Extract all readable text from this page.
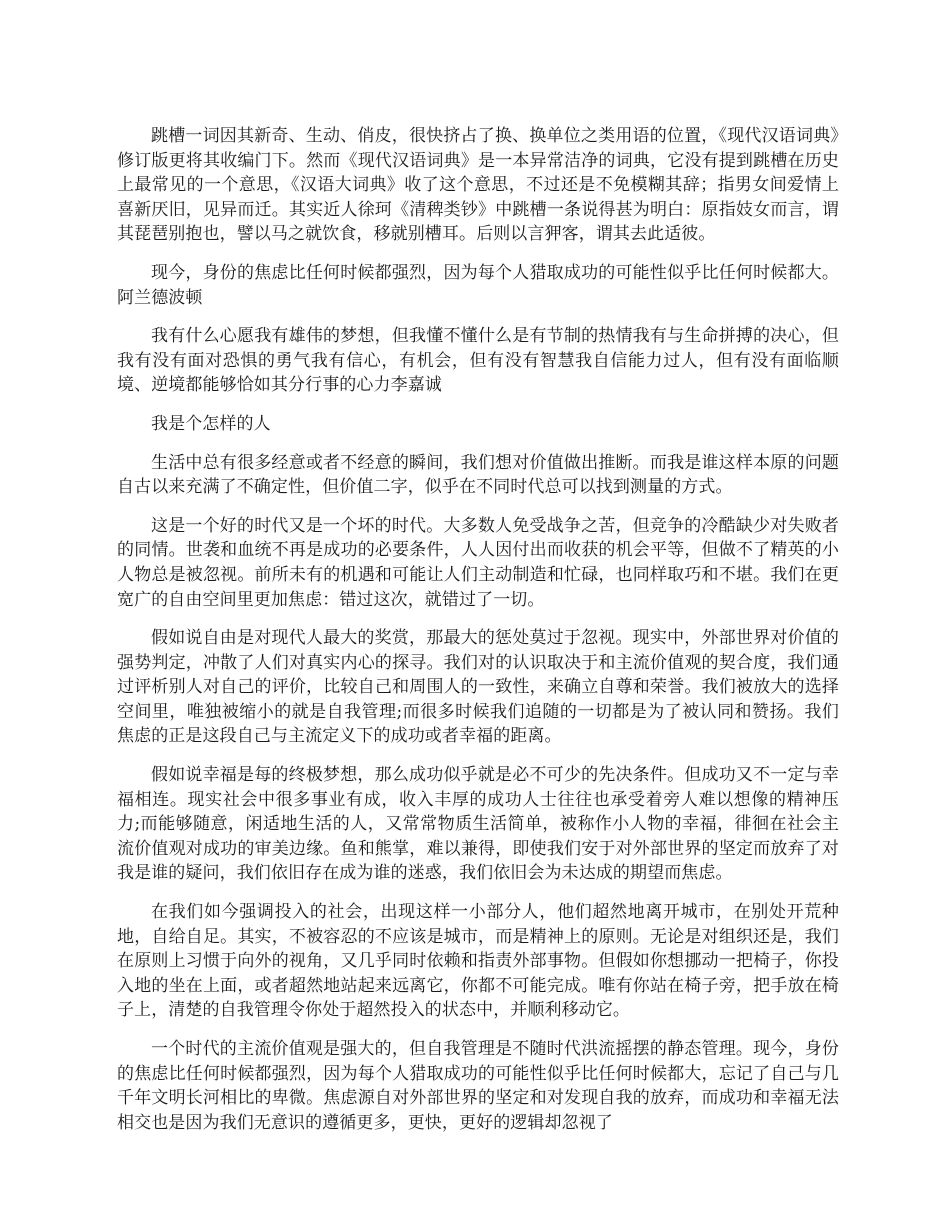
跳槽一词因其新奇、生动、俏皮，很快挤占了换、换单位之类用语的位置，《现代汉语词典》修订版更将其收编门下。然而《现代汉语词典》是一本异常洁净的词典，它没有提到跳槽在历史上最常见的一个意思，《汉语大词典》收了这个意思，不过还是不免模糊其辞；指男女间爱情上喜新厌旧，见异而迁。其实近人徐珂《清稗类钞》中跳槽一条说得甚为明白：原指妓女而言，谓其琵琶别抱也，譬以马之就饮食，移就别槽耳。后则以言狎客，谓其去此适彼。

现今，身份的焦虑比任何时候都强烈，因为每个人猎取成功的可能性似乎比任何时候都大。阿兰德波顿

我有什么心愿我有雄伟的梦想，但我懂不懂什么是有节制的热情我有与生命拼搏的决心，但我有没有面对恐惧的勇气我有信心，有机会，但有没有智慧我自信能力过人，但有没有面临顺境、逆境都能够恰如其分行事的心力李嘉诚

我是个怎样的人

生活中总有很多经意或者不经意的瞬间，我们想对价值做出推断。而我是谁这样本原的问题自古以来充满了不确定性，但价值二字，似乎在不同时代总可以找到测量的方式。

这是一个好的时代又是一个坏的时代。大多数人免受战争之苦，但竞争的冷酷缺少对失败者的同情。世袭和血统不再是成功的必要条件，人人因付出而收获的机会平等，但做不了精英的小人物总是被忽视。前所未有的机遇和可能让人们主动制造和忙碌，也同样取巧和不堪。我们在更宽广的自由空间里更加焦虑：错过这次，就错过了一切。

假如说自由是对现代人最大的奖赏，那最大的惩处莫过于忽视。现实中，外部世界对价值的强势判定，冲散了人们对真实内心的探寻。我们对的认识取决于和主流价值观的契合度，我们通过评析别人对自己的评价，比较自己和周围人的一致性，来确立自尊和荣誉。我们被放大的选择空间里，唯独被缩小的就是自我管理;而很多时候我们追随的一切都是为了被认同和赞扬。我们焦虑的正是这段自己与主流定义下的成功或者幸福的距离。

假如说幸福是每的终极梦想，那么成功似乎就是必不可少的先决条件。但成功又不一定与幸福相连。现实社会中很多事业有成，收入丰厚的成功人士往往也承受着旁人难以想像的精神压力;而能够随意，闲适地生活的人，又常常物质生活简单，被称作小人物的幸福，徘徊在社会主流价值观对成功的审美边缘。鱼和熊掌，难以兼得，即使我们安于对外部世界的坚定而放弃了对我是谁的疑问，我们依旧存在成为谁的迷惑，我们依旧会为未达成的期望而焦虑。

在我们如今强调投入的社会，出现这样一小部分人，他们超然地离开城市，在别处开荒种地，自给自足。其实，不被容忍的不应该是城市，而是精神上的原则。无论是对组织还是，我们在原则上习惯于向外的视角，又几乎同时依赖和指责外部事物。但假如你想挪动一把椅子，你投入地的坐在上面，或者超然地站起来远离它，你都不可能完成。唯有你站在椅子旁，把手放在椅子上，清楚的自我管理令你处于超然投入的状态中，并顺利移动它。

一个时代的主流价值观是强大的，但自我管理是不随时代洪流摇摆的静态管理。现今，身份的焦虑比任何时候都强烈，因为每个人猎取成功的可能性似乎比任何时候都大，忘记了自己与几千年文明长河相比的卑微。焦虑源自对外部世界的坚定和对发现自我的放弃，而成功和幸福无法相交也是因为我们无意识的遵循更多，更快，更好的逻辑却忽视了
